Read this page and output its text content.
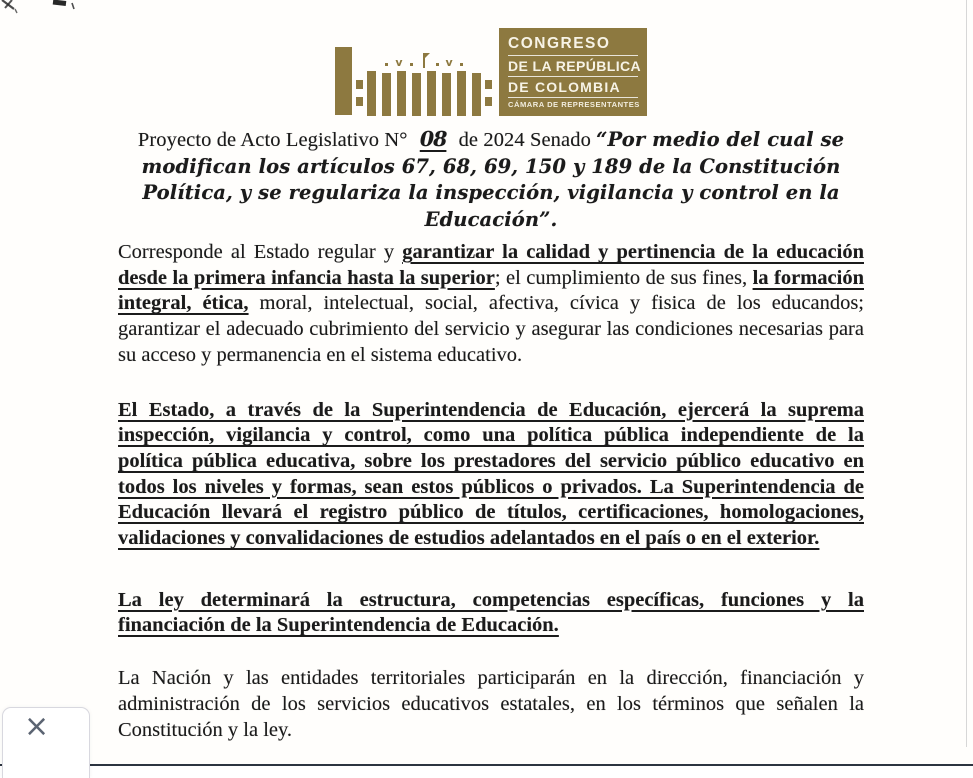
v	v
CONGRESO
DE LA REPÚBLICA
DE COLOMBIA
CÁMARA DE REPRESENTANTES
Proyecto de Acto Legislativo N° 08 de 2024 Senado “Por medio del cual se
modifican los artículos 67, 68, 69, 150 y 189 de la Constitución
Política, y se regulariza la inspección, vigilancia y control en la
Educación”.

Corresponde al Estado regular y garantizar la calidad y pertinencia de la educación desde la primera infancia hasta la superior; el cumplimiento de sus fines, la formación integral, ética, moral, intelectual, social, afectiva, cívica y fisica de los educandos; garantizar el adecuado cubrimiento del servicio y asegurar las condiciones necesarias para su acceso y permanencia en el sistema educativo.

El Estado, a través de la Superintendencia de Educación, ejercerá la suprema inspección, vigilancia y control, como una política pública independiente de la política pública educativa, sobre los prestadores del servicio público educativo en todos los niveles y formas, sean estos públicos o privados. La Superintendencia de Educación llevará el registro público de títulos, certificaciones, homologaciones, validaciones y convalidaciones de estudios adelantados en el país o en el exterior.

La ley determinará la estructura, competencias específicas, funciones y la financiación de la Superintendencia de Educación.

La Nación y las entidades territoriales participarán en la dirección, financiación y administración de los servicios educativos estatales, en los términos que señalen la Constitución y la ley.

×
